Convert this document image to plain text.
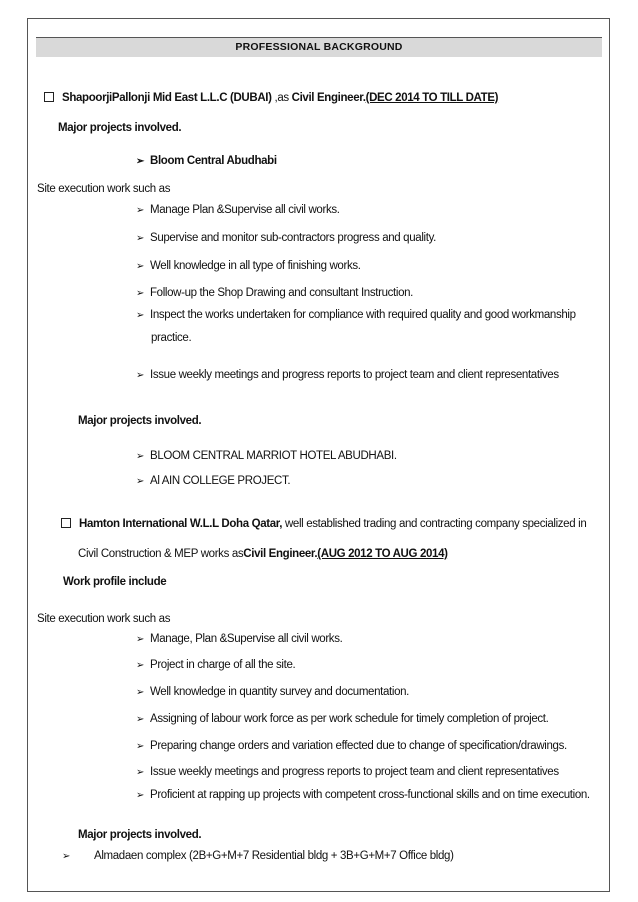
PROFESSIONAL BACKGROUND
ShapoorjiPallonji Mid East L.L.C (DUBAI) ,as Civil Engineer.(DEC 2014 TO TILL DATE)
Major projects involved.
➢ Bloom Central Abudhabi
Site execution work such as
➢ Manage Plan &Supervise all civil works.
➢ Supervise and monitor sub-contractors progress and quality.
➢ Well knowledge in all type of finishing works.
➢ Follow-up the Shop Drawing and consultant Instruction.
➢ Inspect the works undertaken for compliance with required quality and good workmanship
practice.
➢ Issue weekly meetings and progress reports to project team and client representatives
Major projects involved.
➢ BLOOM CENTRAL MARRIOT HOTEL ABUDHABI.
➢ Al AIN COLLEGE PROJECT.
Hamton International W.L.L Doha Qatar, well established trading and contracting company specialized in
Civil Construction & MEP works asCivil Engineer.(AUG 2012 TO AUG 2014)
Work profile include
Site execution work such as
➢ Manage, Plan &Supervise all civil works.
➢ Project in charge of all the site.
➢ Well knowledge in quantity survey and documentation.
➢ Assigning of labour work force as per work schedule for timely completion of project.
➢ Preparing change orders and variation effected due to change of specification/drawings.
➢ Issue weekly meetings and progress reports to project team and client representatives
➢ Proficient at rapping up projects with competent cross-functional skills and on time execution.
Major projects involved.
➢ Almadaen complex (2B+G+M+7 Residential bldg + 3B+G+M+7 Office bldg)
